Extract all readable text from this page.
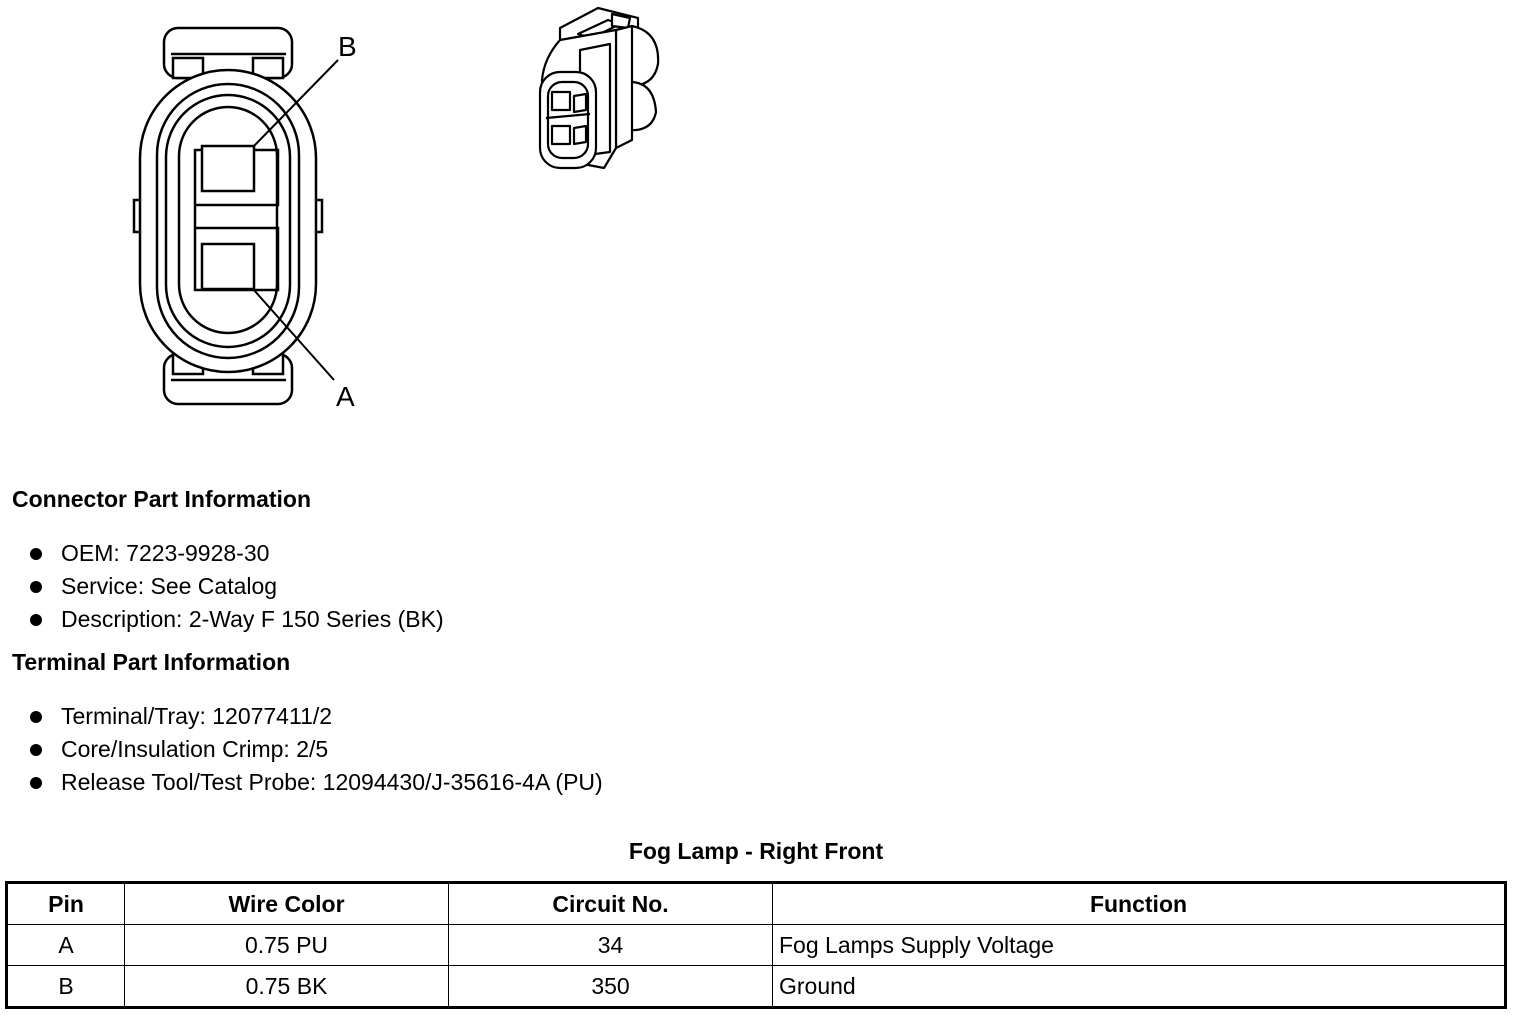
B
A
Connector Part Information
OEM: 7223-9928-30
Service: See Catalog
Description: 2-Way F 150 Series (BK)
Terminal Part Information
Terminal/Tray: 12077411/2
Core/Insulation Crimp: 2/5
Release Tool/Test Probe: 12094430/J-35616-4A (PU)
Fog Lamp - Right Front
Pin	Wire Color	Circuit No.	Function
A	0.75 PU	34	Fog Lamps Supply Voltage
B	0.75 BK	350	Ground
